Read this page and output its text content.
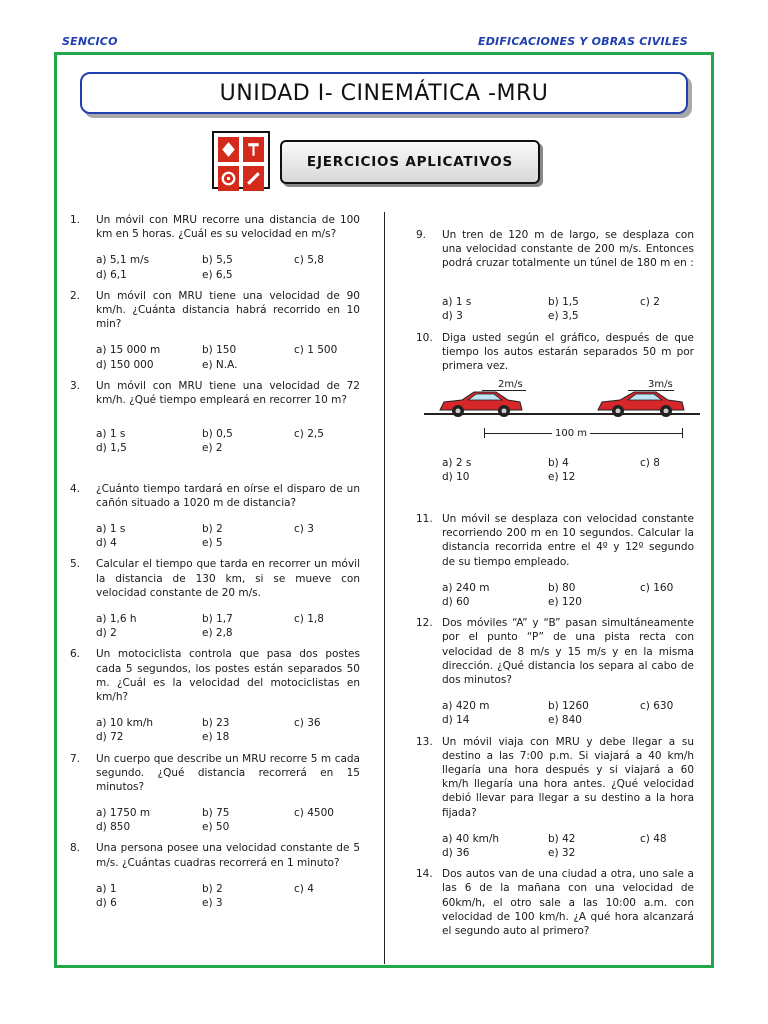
SENCICO	EDIFICACIONES Y OBRAS CIVILES
UNIDAD I- CINEMÁTICA -MRU
EJERCICIOS APLICATIVOS
1. Un móvil con MRU recorre una distancia de 100 km en 5 horas. ¿Cuál es su velocidad en m/s?
a) 5,1 m/s	b) 5,5	c) 5,8
d) 6,1	e) 6,5
2. Un móvil con MRU tiene una velocidad de 90 km/h. ¿Cuánta distancia habrá recorrido en 10 min?
a) 15 000 m	b) 150	c) 1 500
d) 150 000	e) N.A.
3. Un móvil con MRU tiene una velocidad de 72 km/h. ¿Qué tiempo empleará en recorrer 10 m?
a) 1 s	b) 0,5	c) 2,5
d) 1,5	e) 2
4. ¿Cuánto tiempo tardará en oírse el disparo de un cañón situado a 1020 m de distancia?
a) 1 s	b) 2	c) 3
d) 4	e) 5
5. Calcular el tiempo que tarda en recorrer un móvil la distancia de 130 km, si se mueve con velocidad constante de 20 m/s.
a) 1,6 h	b) 1,7	c) 1,8
d) 2	e) 2,8
6. Un motociclista controla que pasa dos postes cada 5 segundos, los postes están separados 50 m. ¿Cuál es la velocidad del motociclistas en km/h?
a) 10 km/h	b) 23	c) 36
d) 72	e) 18
7. Un cuerpo que describe un MRU recorre 5 m cada segundo. ¿Qué distancia recorrerá en 15 minutos?
a) 1750 m	b) 75	c) 4500
d) 850	e) 50
8. Una persona posee una velocidad constante de 5 m/s. ¿Cuántas cuadras recorrerá en 1 minuto?
a) 1	b) 2	c) 4
d) 6	e) 3
9. Un tren de 120 m de largo, se desplaza con una velocidad constante de 200 m/s. Entonces podrá cruzar totalmente un túnel de 180 m en :
a) 1 s	b) 1,5	c) 2
d) 3	e) 3,5
10. Diga usted según el gráfico, después de que tiempo los autos estarán separados 50 m por primera vez.
2m/s	3m/s
100 m
a) 2 s	b) 4	c) 8
d) 10	e) 12
11. Un móvil se desplaza con velocidad constante recorriendo 200 m en 10 segundos. Calcular la distancia recorrida entre el 4º y 12º segundo de su tiempo empleado.
a) 240 m	b) 80	c) 160
d) 60	e) 120
12. Dos móviles “A” y “B” pasan simultáneamente por el punto “P” de una pista recta con velocidad de 8 m/s y 15 m/s y en la misma dirección. ¿Qué distancia los separa al cabo de dos minutos?
a) 420 m	b) 1260	c) 630
d) 14	e) 840
13. Un móvil viaja con MRU y debe llegar a su destino a las 7:00 p.m. Si viajará a 40 km/h llegaría una hora después y si viajará a 60 km/h llegaría una hora antes. ¿Qué velocidad debió llevar para llegar a su destino a la hora fijada?
a) 40 km/h	b) 42	c) 48
d) 36	e) 32
14. Dos autos van de una ciudad a otra, uno sale a las 6 de la mañana con una velocidad de 60km/h, el otro sale a las 10:00 a.m. con velocidad de 100 km/h. ¿A qué hora alcanzará el segundo auto al primero?
